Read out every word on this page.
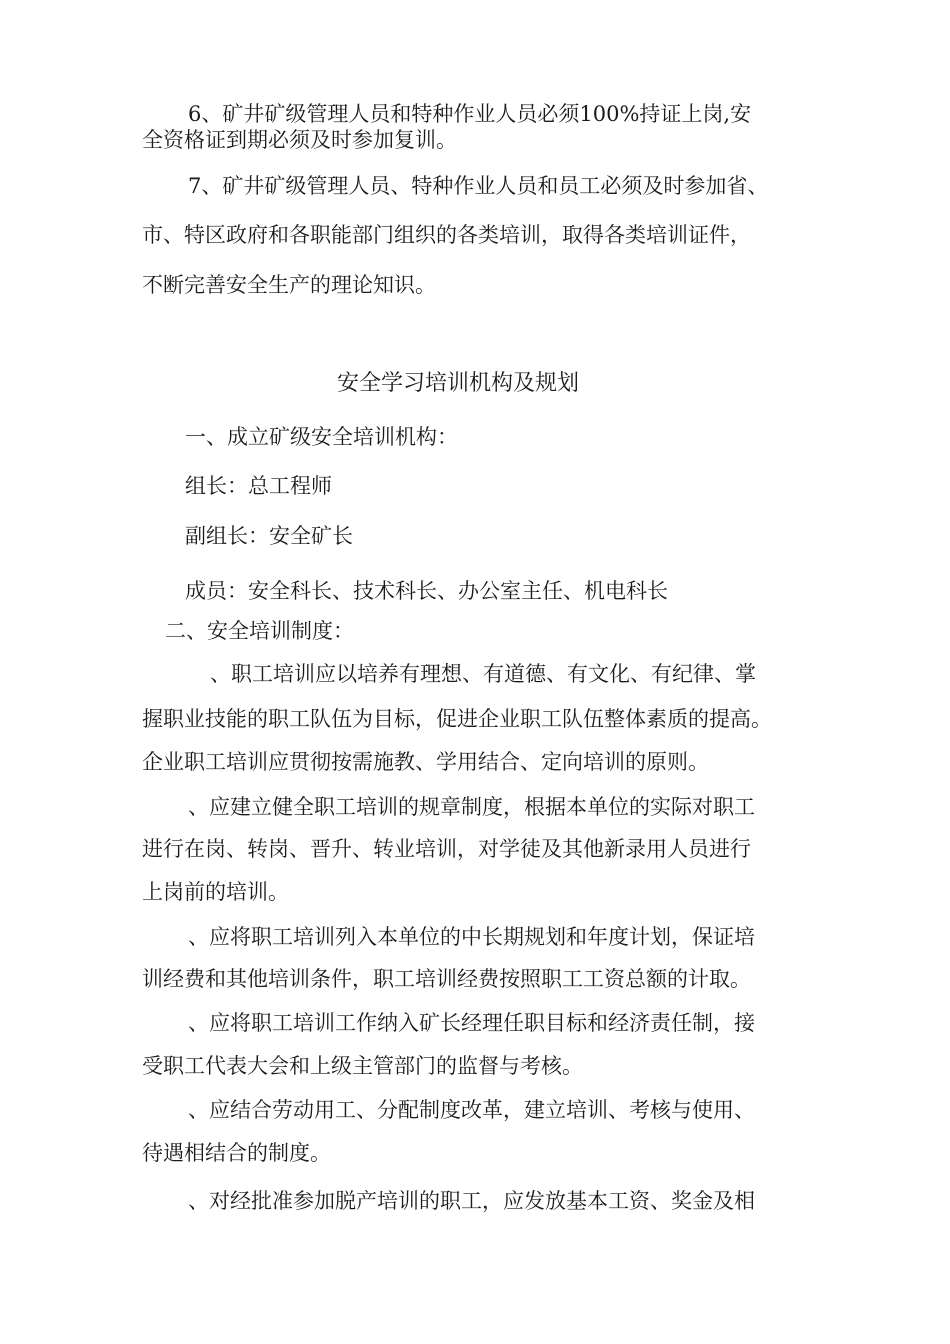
6、矿井矿级管理人员和特种作业人员必须100%持证上岗,安
全资格证到期必须及时参加复训。
7、矿井矿级管理人员、特种作业人员和员工必须及时参加省、
市、特区政府和各职能部门组织的各类培训，取得各类培训证件，
不断完善安全生产的理论知识。
安全学习培训机构及规划
一、成立矿级安全培训机构：
组长：总工程师
副组长：安全矿长
成员：安全科长、技术科长、办公室主任、机电科长
二、安全培训制度：
、职工培训应以培养有理想、有道德、有文化、有纪律、掌
握职业技能的职工队伍为目标，促进企业职工队伍整体素质的提高。
企业职工培训应贯彻按需施教、学用结合、定向培训的原则。
、应建立健全职工培训的规章制度，根据本单位的实际对职工
进行在岗、转岗、晋升、转业培训，对学徒及其他新录用人员进行
上岗前的培训。
、应将职工培训列入本单位的中长期规划和年度计划，保证培
训经费和其他培训条件，职工培训经费按照职工工资总额的计取。
、应将职工培训工作纳入矿长经理任职目标和经济责任制，接
受职工代表大会和上级主管部门的监督与考核。
、应结合劳动用工、分配制度改革，建立培训、考核与使用、
待遇相结合的制度。
、对经批准参加脱产培训的职工，应发放基本工资、奖金及相
